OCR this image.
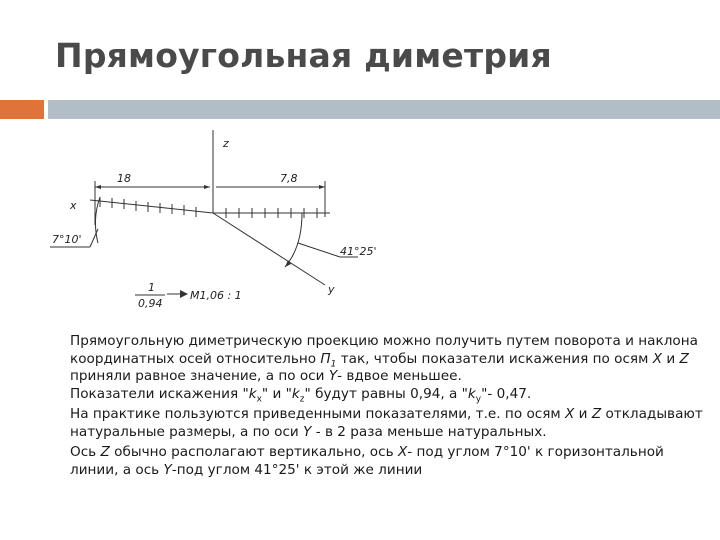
Прямоугольная диметрия
z
x
y
18	7,8
7°10'
41°25'
1
0,94
M1,06 : 1

Прямоугольную диметрическую проекцию можно получить путем поворота и наклона координатных осей относительно $П_1$ так, чтобы показатели искажения по осям X и Z приняли равное значение, а по оси Y- вдвое меньшее.
Показатели искажения "$k_x$" и "$k_z$" будут равны 0,94, а "$k_y"-$ 0,47.

На практике пользуются приведенными показателями, т.е. по осям X и Z откладывают натуральные размеры, а по оси Y - в 2 раза меньше натуральных.

Ось Z обычно располагают вертикально, ось X- под углом 7°10' к горизонтальной линии, а ось Y-под углом 41°25' к этой же линии
